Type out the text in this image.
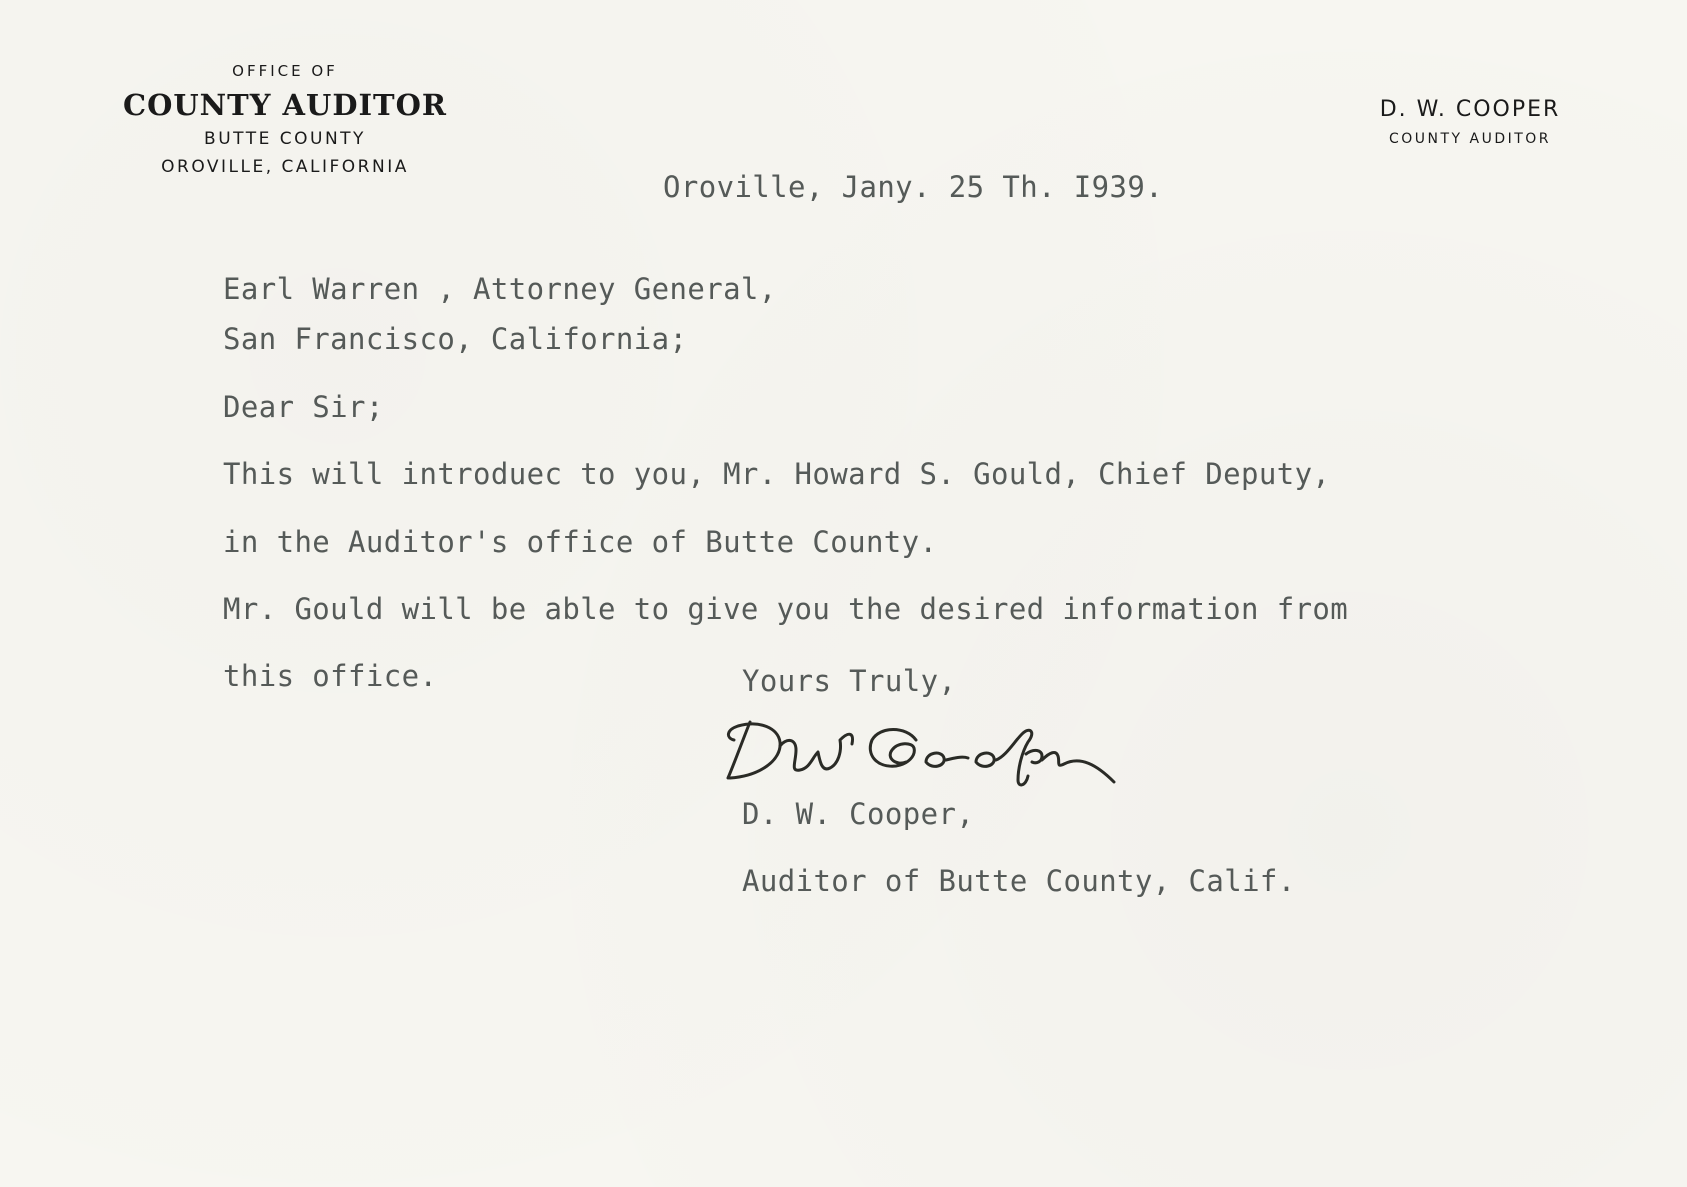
OFFICE OF
COUNTY AUDITOR
BUTTE COUNTY
OROVILLE, CALIFORNIA
D. W. COOPER
COUNTY AUDITOR
Oroville, Jany. 25 Th. I939.
Earl Warren , Attorney General,
San Francisco, California;
Dear Sir;
This will introduec to you, Mr. Howard S. Gould, Chief Deputy,
in the Auditor's office of Butte County.
Mr. Gould will be able to give you the desired information from
this office.	Yours Truly,
D. W. Cooper,
Auditor of Butte County, Calif.
